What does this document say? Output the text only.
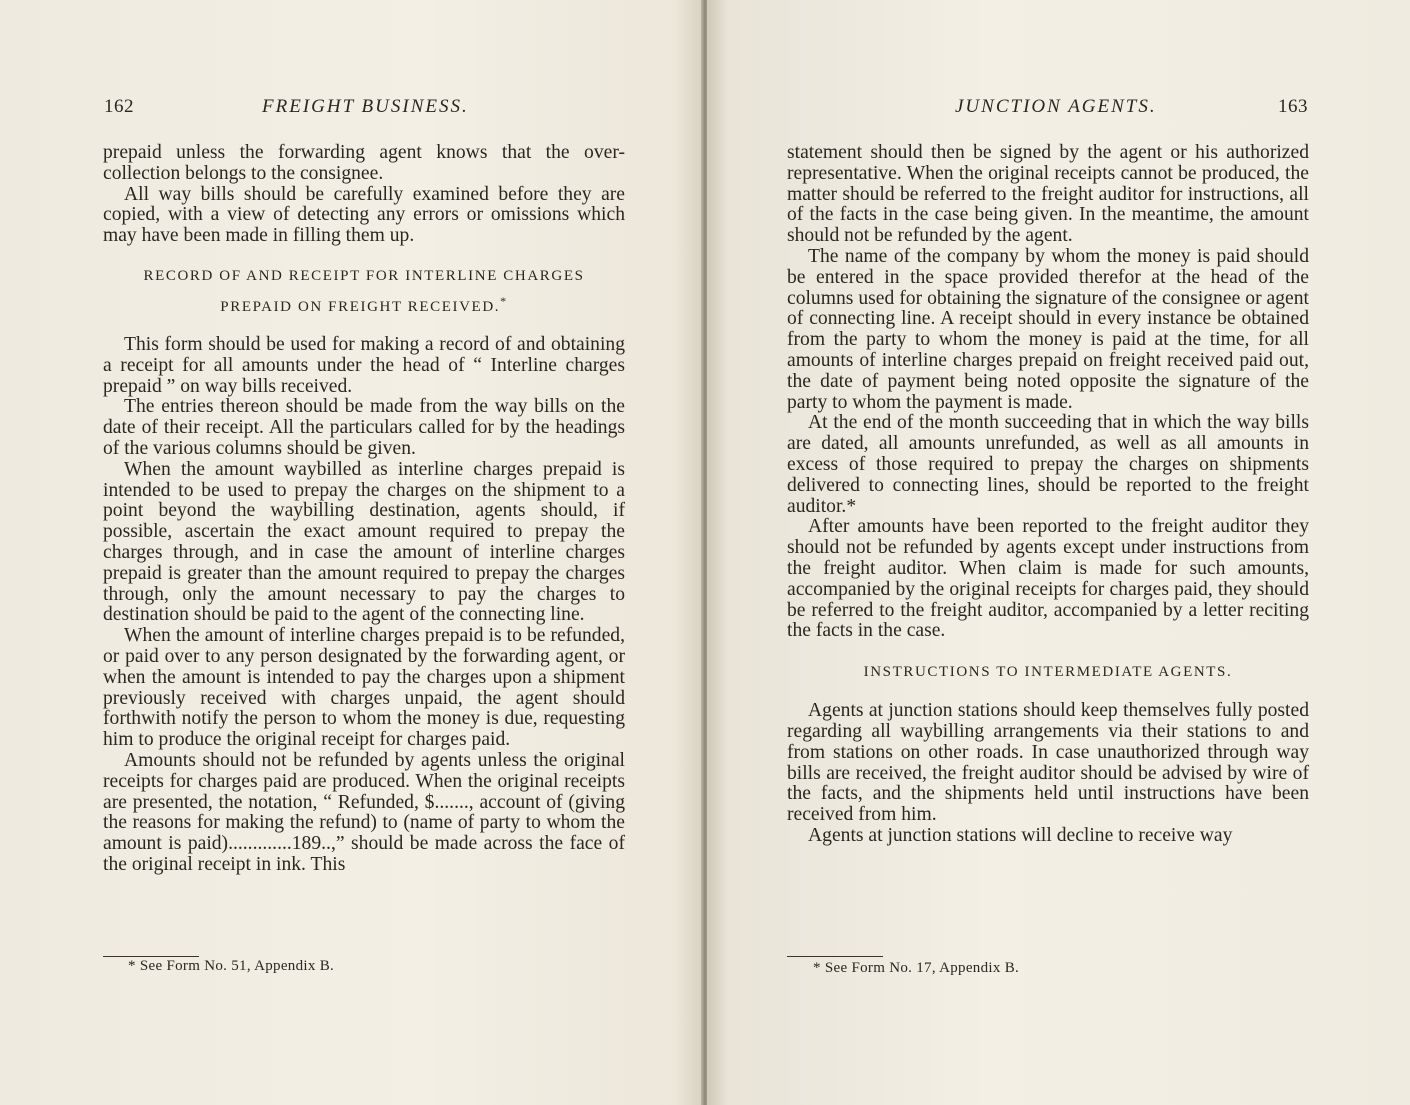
162	FREIGHT BUSINESS.

prepaid unless the forwarding agent knows that the over-collection belongs to the consignee.

All way bills should be carefully examined before they are copied, with a view of detecting any errors or omissions which may have been made in filling them up.

RECORD OF AND RECEIPT FOR INTERLINE CHARGES

PREPAID ON FREIGHT RECEIVED.*

This form should be used for making a record of and obtaining a receipt for all amounts under the head of “ Interline charges prepaid ” on way bills received.

The entries thereon should be made from the way bills on the date of their receipt. All the particulars called for by the headings of the various columns should be given.

When the amount waybilled as interline charges prepaid is intended to be used to prepay the charges on the shipment to a point beyond the waybilling destination, agents should, if possible, ascertain the exact amount required to prepay the charges through, and in case the amount of interline charges prepaid is greater than the amount required to prepay the charges through, only the amount necessary to pay the charges to destination should be paid to the agent of the connecting line.

When the amount of interline charges prepaid is to be refunded, or paid over to any person designated by the forwarding agent, or when the amount is intended to pay the charges upon a shipment previously received with charges unpaid, the agent should forthwith notify the person to whom the money is due, requesting him to produce the original receipt for charges paid.

Amounts should not be refunded by agents unless the original receipts for charges paid are produced. When the original receipts are presented, the notation, “ Refunded, $......., account of (giving the reasons for making the refund) to (name of party to whom the amount is paid).............189..,” should be made across the face of the original receipt in ink. This

* See Form No. 51, Appendix B.
JUNCTION AGENTS.	163

statement should then be signed by the agent or his authorized representative. When the original receipts cannot be produced, the matter should be referred to the freight auditor for instructions, all of the facts in the case being given. In the meantime, the amount should not be refunded by the agent.

The name of the company by whom the money is paid should be entered in the space provided therefor at the head of the columns used for obtaining the signature of the consignee or agent of connecting line. A receipt should in every instance be obtained from the party to whom the money is paid at the time, for all amounts of interline charges prepaid on freight received paid out, the date of payment being noted opposite the signature of the party to whom the payment is made.

At the end of the month succeeding that in which the way bills are dated, all amounts unrefunded, as well as all amounts in excess of those required to prepay the charges on shipments delivered to connecting lines, should be reported to the freight auditor.*

After amounts have been reported to the freight auditor they should not be refunded by agents except under instructions from the freight auditor. When claim is made for such amounts, accompanied by the original receipts for charges paid, they should be referred to the freight auditor, accompanied by a letter reciting the facts in the case.

INSTRUCTIONS TO INTERMEDIATE AGENTS.

Agents at junction stations should keep themselves fully posted regarding all waybilling arrangements via their stations to and from stations on other roads. In case unauthorized through way bills are received, the freight auditor should be advised by wire of the facts, and the shipments held until instructions have been received from him.

Agents at junction stations will decline to receive way

* See Form No. 17, Appendix B.
